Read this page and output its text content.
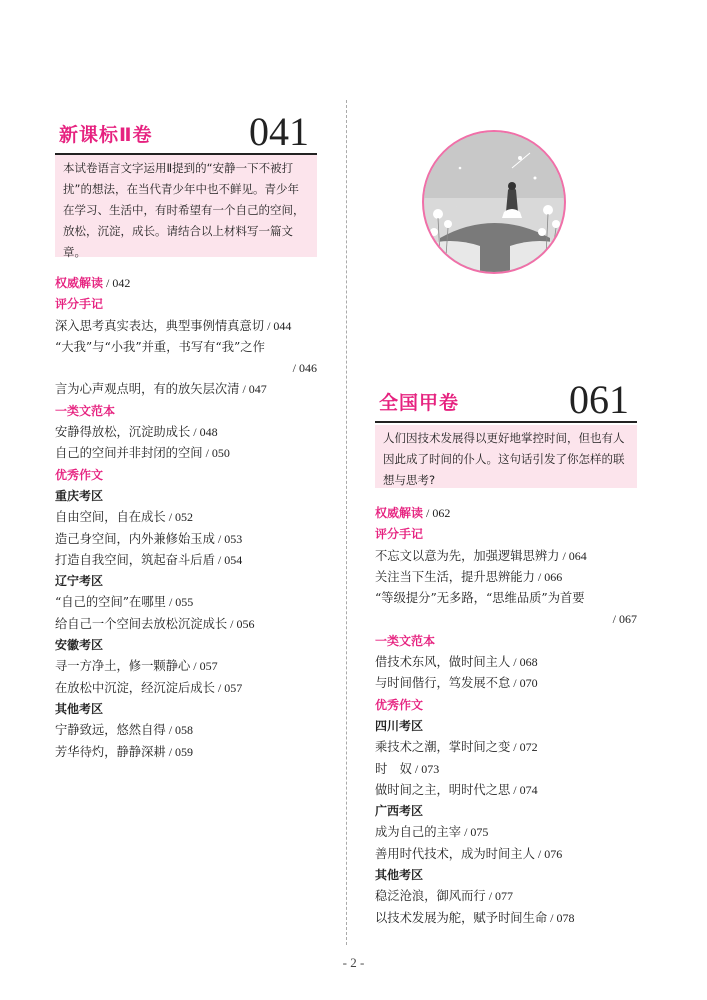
新课标Ⅱ卷 041
本试卷语言文字运用Ⅱ提到的“安静一下不被打扰”的想法，在当代青少年中也不鲜见。青少年在学习、生活中，有时希望有一个自己的空间，放松，沉淀，成长。请结合以上材料写一篇文章。
权威解读 / 042
评分手记
深入思考真实表达，典型事例情真意切 / 044
“大我”与“小我”并重，书写有“我”之作
/ 046
言为心声观点明，有的放矢层次清 / 047
一类文范本
安静得放松，沉淀助成长 / 048
自己的空间并非封闭的空间 / 050
优秀作文
重庆考区
自由空间，自在成长 / 052
造己身空间，内外兼修始玉成 / 053
打造自我空间，筑起奋斗后盾 / 054
辽宁考区
“自己的空间”在哪里 / 055
给自己一个空间去放松沉淀成长 / 056
安徽考区
寻一方净土，修一颗静心 / 057
在放松中沉淀，经沉淀后成长 / 057
其他考区
宁静致远，悠然自得 / 058
芳华待灼，静静深耕 / 059
全国甲卷	061
人们因技术发展得以更好地掌控时间，但也有人因此成了时间的仆人。这句话引发了你怎样的联想与思考?
权威解读 / 062
评分手记
不忘文以意为先，加强逻辑思辨力 / 064
关注当下生活，提升思辨能力 / 066
“等级提分”无多路，“思维品质”为首要
/ 067
一类文范本
借技术东风，做时间主人 / 068
与时间偕行，笃发展不怠 / 070
优秀作文
四川考区
乘技术之潮，掌时间之变 / 072
时　奴 / 073
做时间之主，明时代之思 / 074
广西考区
成为自己的主宰 / 075
善用时代技术，成为时间主人 / 076
其他考区
稳泛沧浪，御风而行 / 077
以技术发展为舵，赋予时间生命 / 078
- 2 -
